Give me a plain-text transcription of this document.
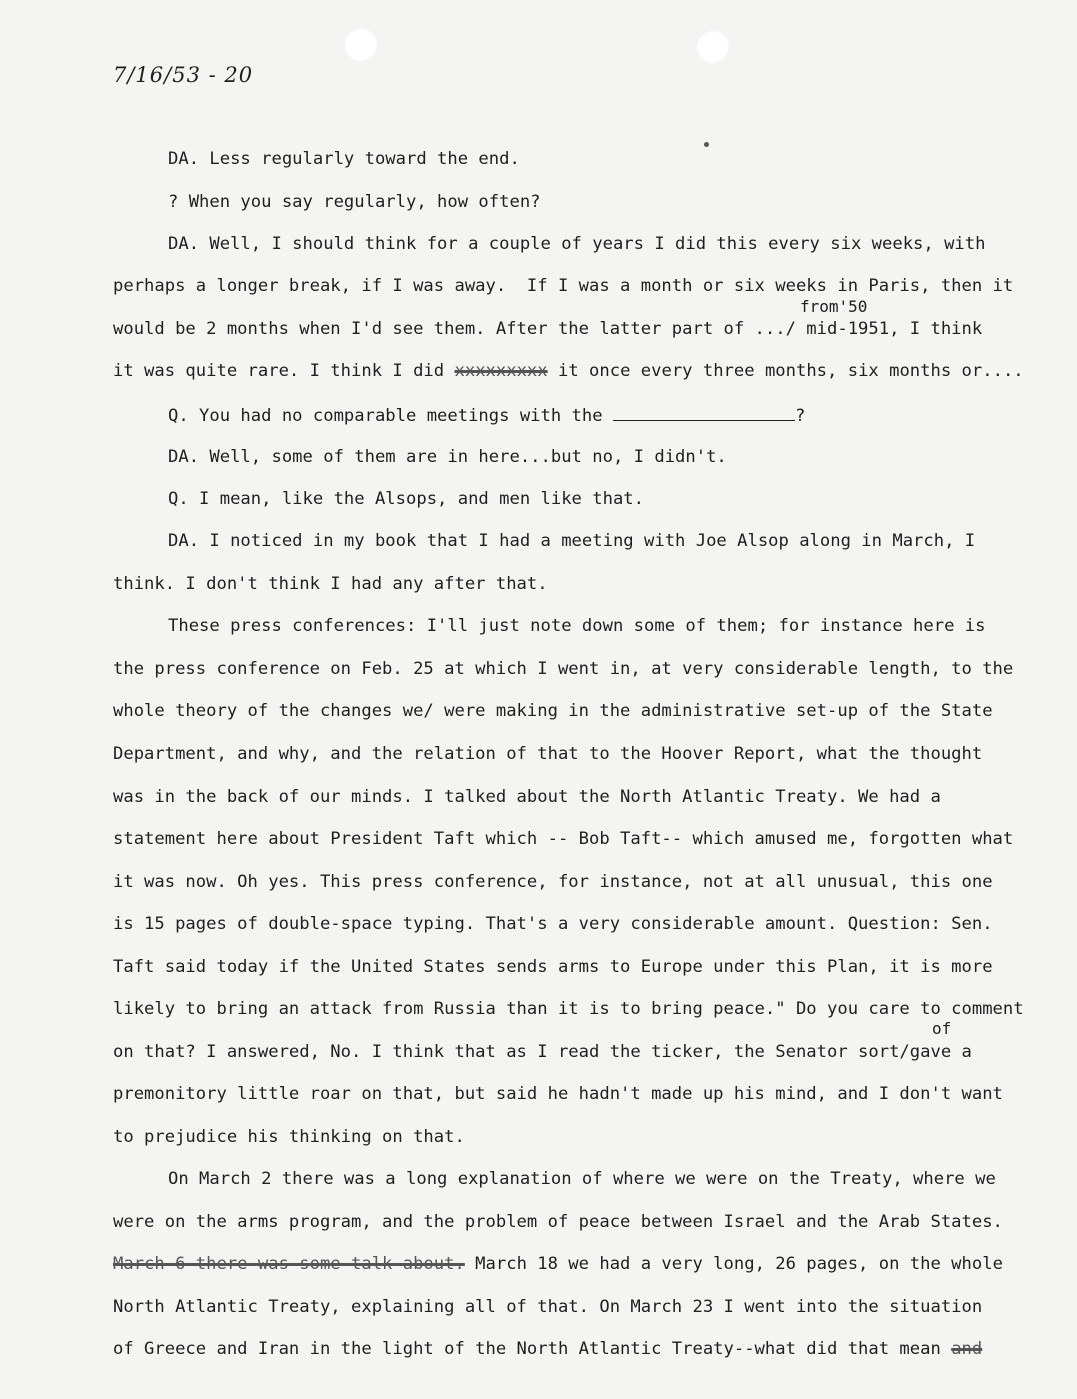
7/16/53 - 20
DA. Less regularly toward the end.
? When you say regularly, how often?
DA. Well, I should think for a couple of years I did this every six weeks, with
perhaps a longer break, if I was away.  If I was a month or six weeks in Paris, then it
from'50
would be 2 months when I'd see them. After the latter part of .../ mid-1951, I think
it was quite rare. I think I did xxxxxxxxx it once every three months, six months or....
Q. You had no comparable meetings with the	?
DA. Well, some of them are in here...but no, I didn't.
Q. I mean, like the Alsops, and men like that.
DA. I noticed in my book that I had a meeting with Joe Alsop along in March, I
think. I don't think I had any after that.
These press conferences: I'll just note down some of them; for instance here is
the press conference on Feb. 25 at which I went in, at very considerable length, to the
whole theory of the changes we/ were making in the administrative set-up of the State
Department, and why, and the relation of that to the Hoover Report, what the thought
was in the back of our minds. I talked about the North Atlantic Treaty. We had a
statement here about President Taft which -- Bob Taft-- which amused me, forgotten what
it was now. Oh yes. This press conference, for instance, not at all unusual, this one
is 15 pages of double-space typing. That's a very considerable amount. Question: Sen.
Taft said today if the United States sends arms to Europe under this Plan, it is more
likely to bring an attack from Russia than it is to bring peace." Do you care to comment
of
on that? I answered, No. I think that as I read the ticker, the Senator sort/gave a
premonitory little roar on that, but said he hadn't made up his mind, and I don't want
to prejudice his thinking on that.
On March 2 there was a long explanation of where we were on the Treaty, where we
were on the arms program, and the problem of peace between Israel and the Arab States.
March 6 there was some talk about. March 18 we had a very long, 26 pages, on the whole
North Atlantic Treaty, explaining all of that. On March 23 I went into the situation
of Greece and Iran in the light of the North Atlantic Treaty--what did that mean and
